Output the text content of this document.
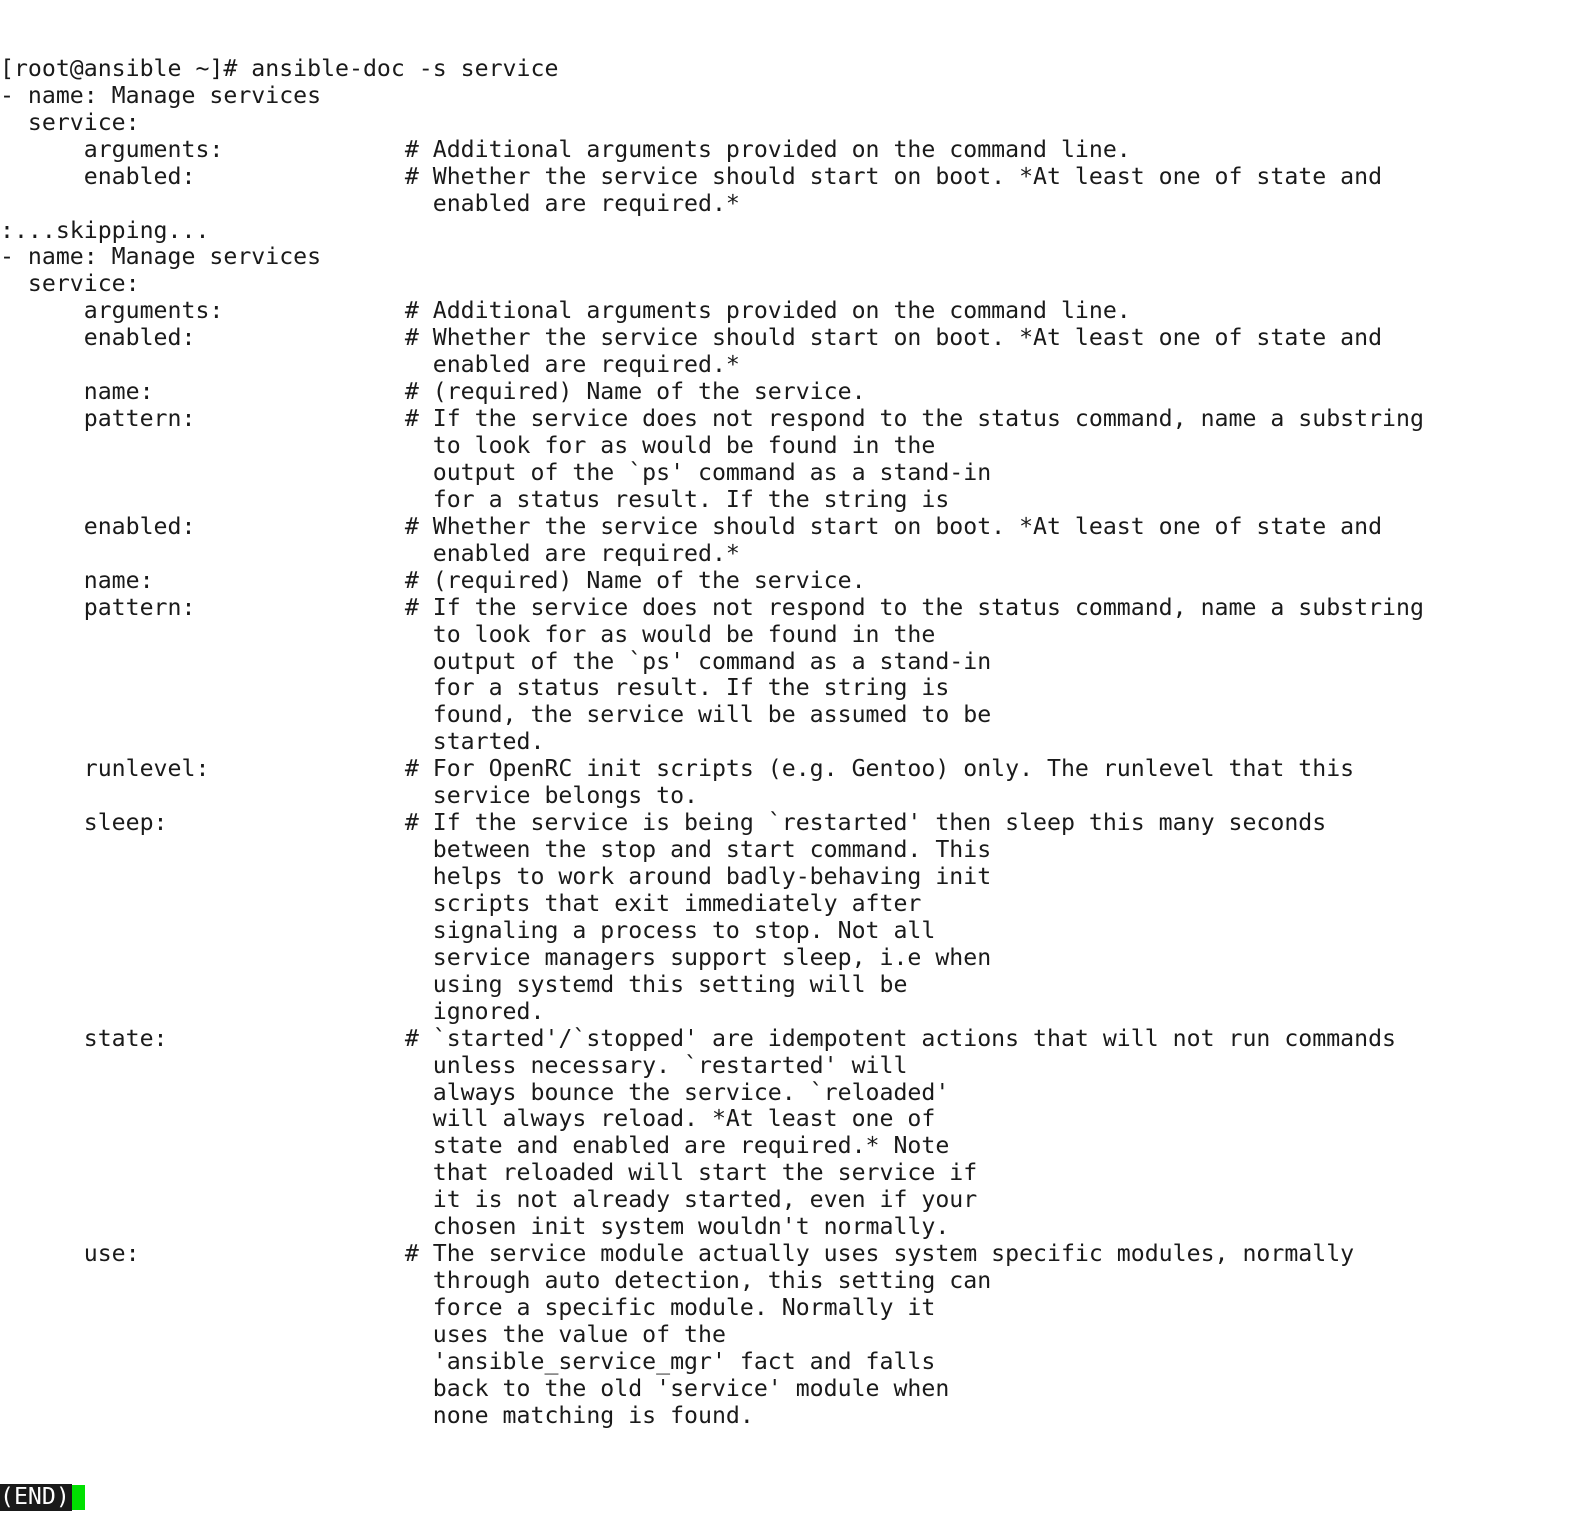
[root@ansible ~]# ansible-doc -s service
- name: Manage services
service:
arguments:             # Additional arguments provided on the command line.
enabled:               # Whether the service should start on boot. *At least one of state and
enabled are required.*
:...skipping...
- name: Manage services
service:
arguments:             # Additional arguments provided on the command line.
enabled:               # Whether the service should start on boot. *At least one of state and
enabled are required.*
name:                  # (required) Name of the service.
pattern:               # If the service does not respond to the status command, name a substring
to look for as would be found in the
output of the `ps' command as a stand-in
for a status result. If the string is
enabled:               # Whether the service should start on boot. *At least one of state and
enabled are required.*
name:                  # (required) Name of the service.
pattern:               # If the service does not respond to the status command, name a substring
to look for as would be found in the
output of the `ps' command as a stand-in
for a status result. If the string is
found, the service will be assumed to be
started.
runlevel:              # For OpenRC init scripts (e.g. Gentoo) only. The runlevel that this
service belongs to.
sleep:                 # If the service is being `restarted' then sleep this many seconds
between the stop and start command. This
helps to work around badly-behaving init
scripts that exit immediately after
signaling a process to stop. Not all
service managers support sleep, i.e when
using systemd this setting will be
ignored.
state:                 # `started'/`stopped' are idempotent actions that will not run commands
unless necessary. `restarted' will
always bounce the service. `reloaded'
will always reload. *At least one of
state and enabled are required.* Note
that reloaded will start the service if
it is not already started, even if your
chosen init system wouldn't normally.
use:                   # The service module actually uses system specific modules, normally
through auto detection, this setting can
force a specific module. Normally it
uses the value of the
'ansible_service_mgr' fact and falls
back to the old 'service' module when
none matching is found.

(END)
